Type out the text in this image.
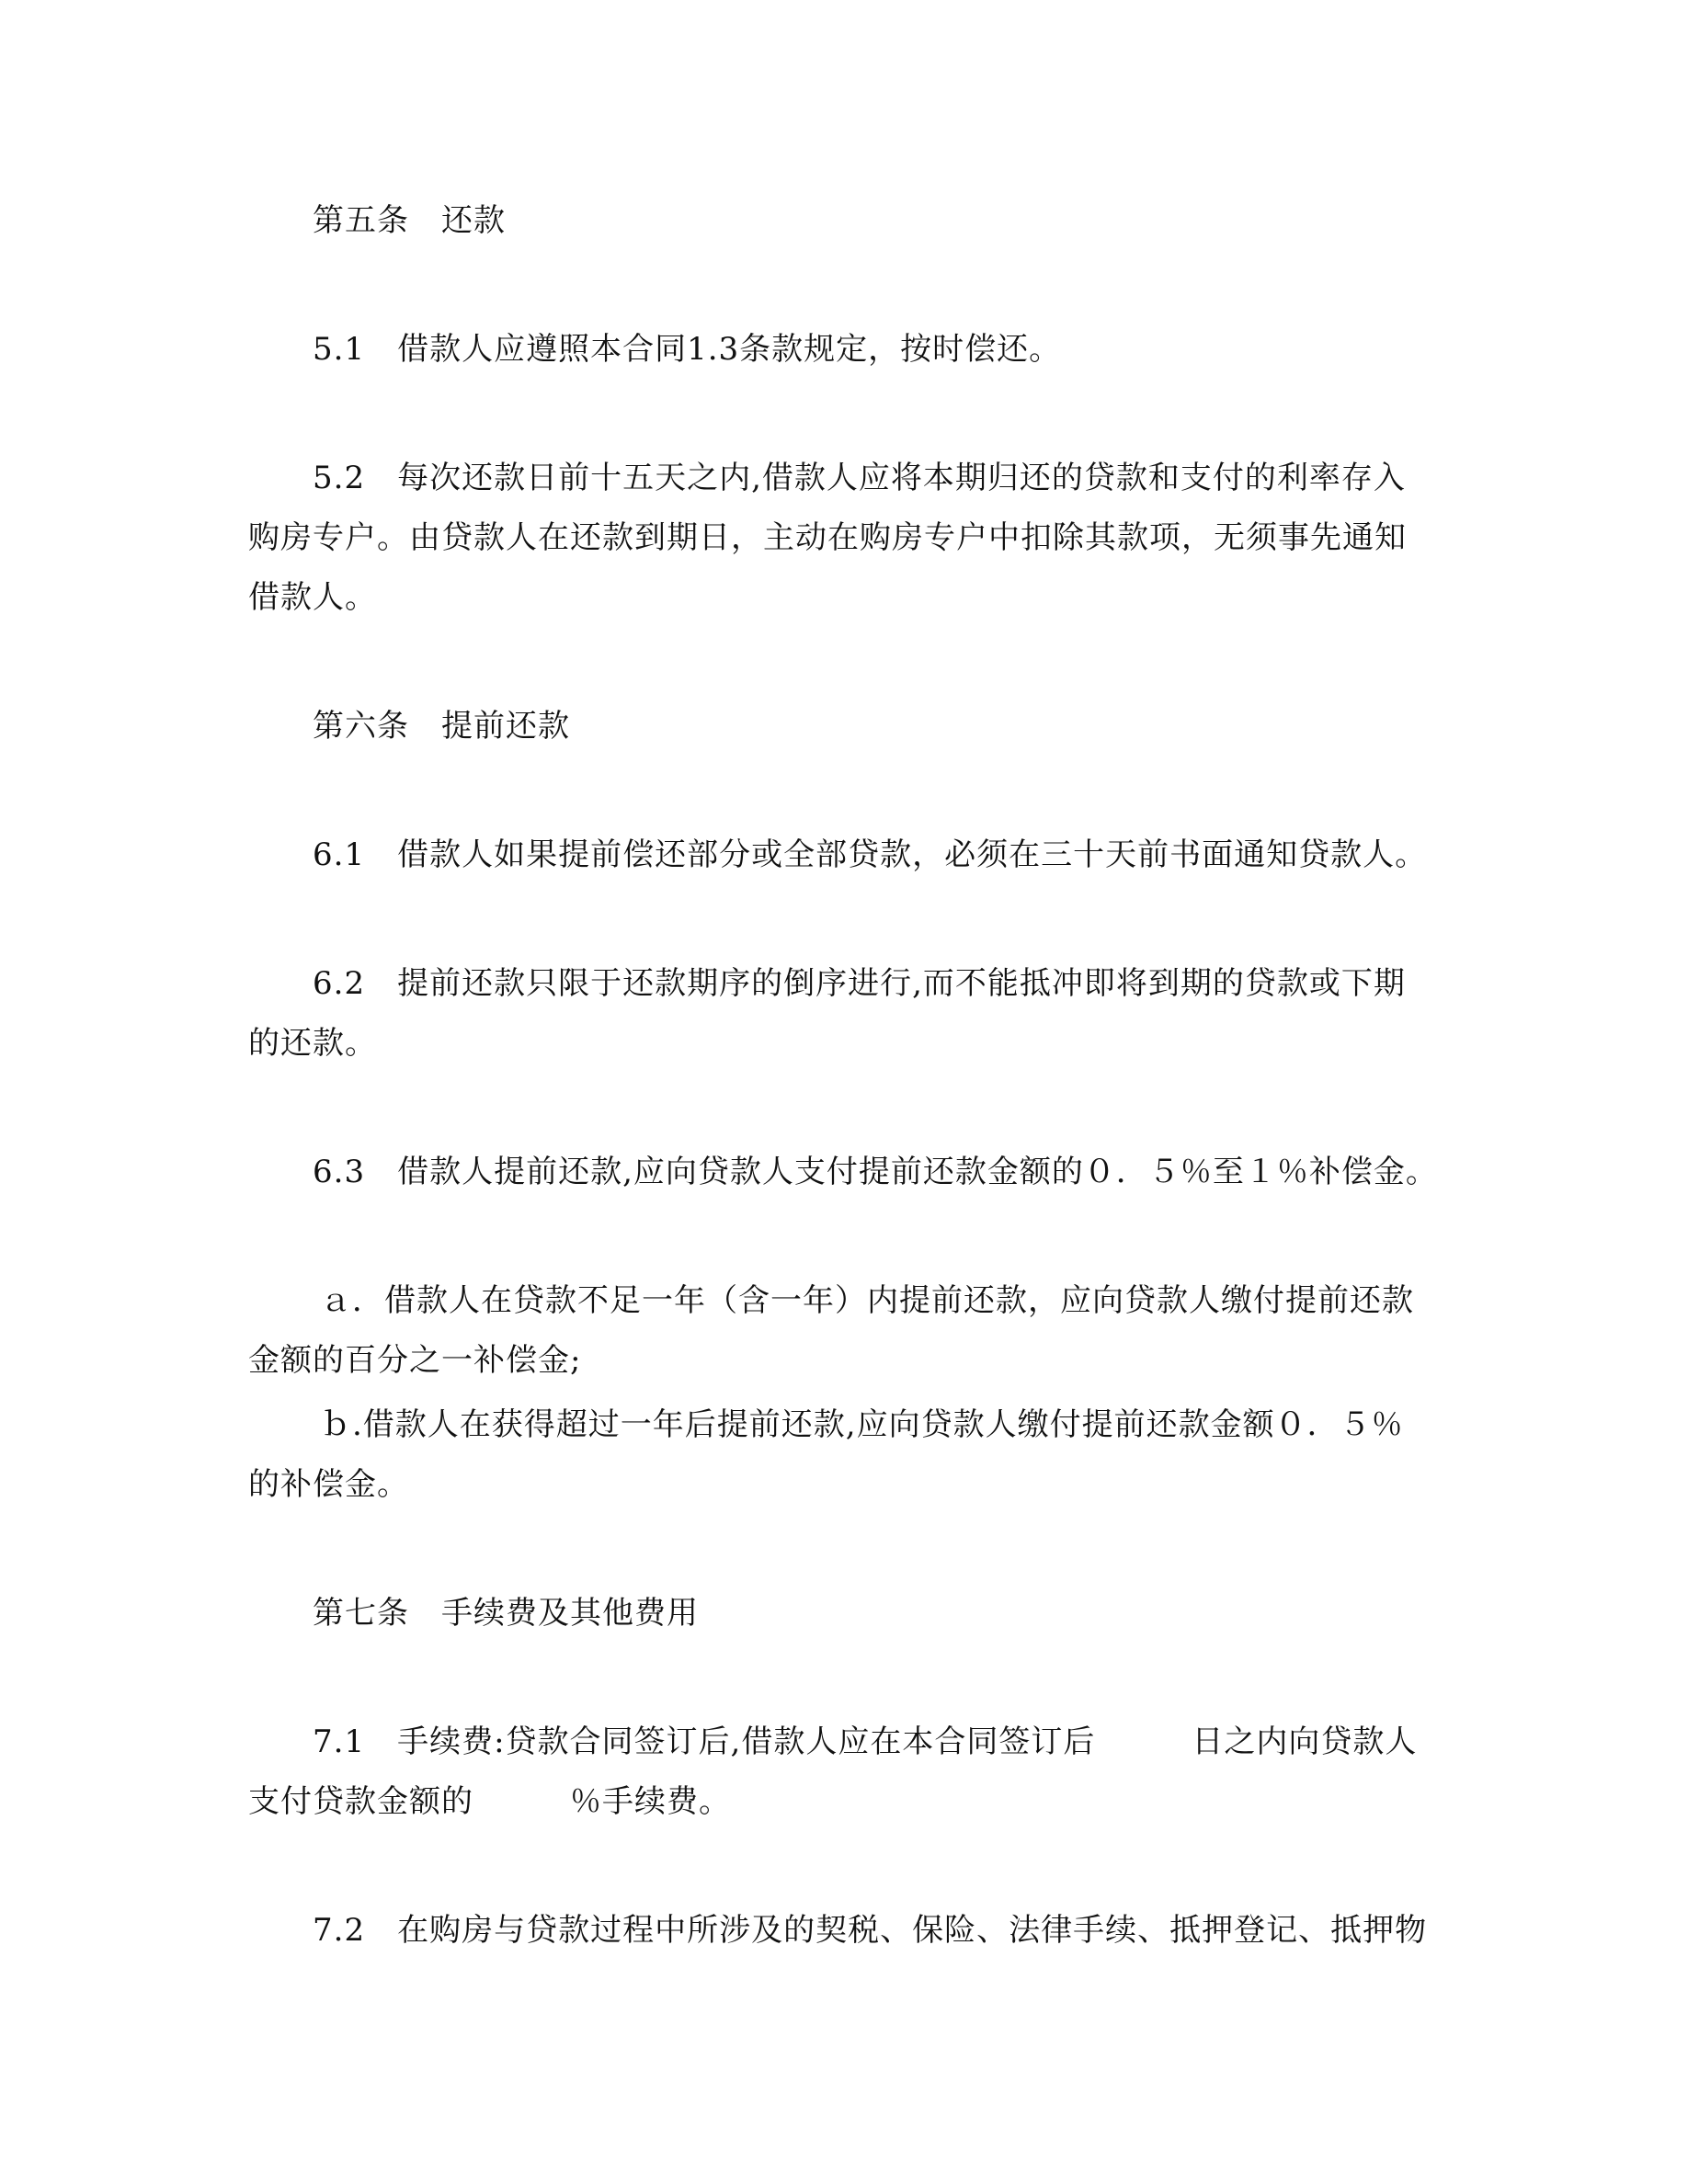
第五条　还款
5.1　借款人应遵照本合同1.3条款规定，按时偿还。
5.2　每次还款日前十五天之内,借款人应将本期归还的贷款和支付的利率存入
购房专户。由贷款人在还款到期日，主动在购房专户中扣除其款项，无须事先通知
借款人。
第六条　提前还款
6.1　借款人如果提前偿还部分或全部贷款，必须在三十天前书面通知贷款人。
6.2　提前还款只限于还款期序的倒序进行,而不能抵冲即将到期的贷款或下期
的还款。
6.3　借款人提前还款,应向贷款人支付提前还款金额的０．５％至１％补偿金。
ａ．借款人在贷款不足一年（含一年）内提前还款，应向贷款人缴付提前还款
金额的百分之一补偿金;
ｂ.借款人在获得超过一年后提前还款,应向贷款人缴付提前还款金额０．５％
的补偿金。
第七条　手续费及其他费用
7.1　手续费:贷款合同签订后,借款人应在本合同签订后　　　日之内向贷款人
支付贷款金额的　　　％手续费。
7.2　在购房与贷款过程中所涉及的契税、保险、法律手续、抵押登记、抵押物
